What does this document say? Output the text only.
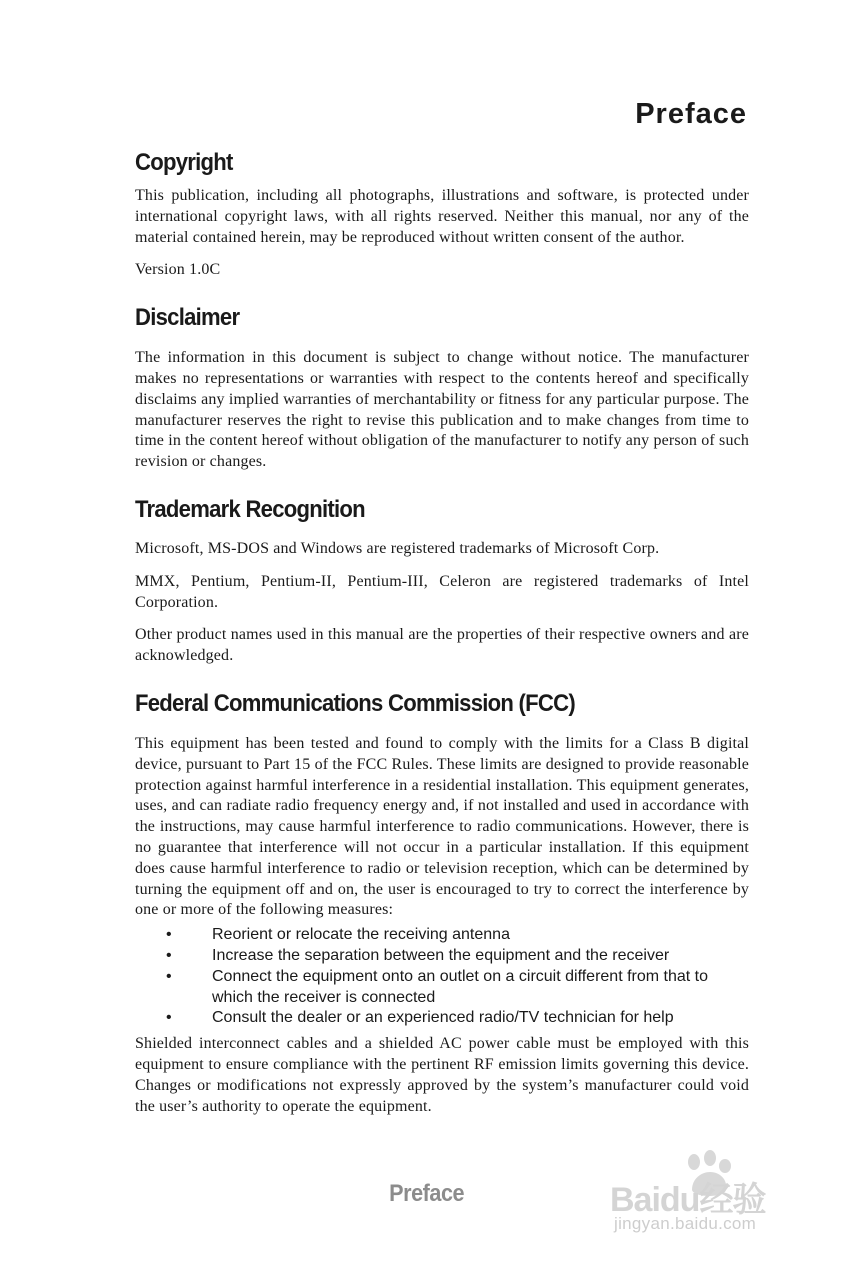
Preface
Copyright

This publication, including all photographs, illustrations and software, is protected under international copyright laws, with all rights reserved. Neither this manual, nor any of the material contained herein, may be reproduced without written consent of the author.

Version 1.0C

Disclaimer

The information in this document is subject to change without notice. The manufacturer makes no representations or warranties with respect to the contents hereof and specifically disclaims any implied warranties of merchantability or fitness for any particular purpose. The manufacturer reserves the right to revise this publication and to make changes from time to time in the content hereof without obligation of the manufacturer to notify any person of such revision or changes.

Trademark Recognition

Microsoft, MS-DOS and Windows are registered trademarks of Microsoft Corp.

MMX, Pentium, Pentium-II, Pentium-III, Celeron are registered trademarks of Intel Corporation.

Other product names used in this manual are the properties of their respective owners and are acknowledged.

Federal Communications Commission (FCC)

This equipment has been tested and found to comply with the limits for a Class B digital device, pursuant to Part 15 of the FCC Rules. These limits are designed to provide reasonable protection against harmful interference in a residential installation. This equipment generates, uses, and can radiate radio frequency energy and, if not installed and used in accordance with the instructions, may cause harmful interference to radio communications. However, there is no guarantee that interference will not occur in a particular installation. If this equipment does cause harmful interference to radio or television reception, which can be determined by turning the equipment off and on, the user is encouraged to try to correct the interference by one or more of the following measures:

•	Reorient or relocate the receiving antenna
•	Increase the separation between the equipment and the receiver
•	Connect the equipment onto an outlet on a circuit different from that to which the receiver is connected
•	Consult the dealer or an experienced radio/TV technician for help

Shielded interconnect cables and a shielded AC power cable must be employed with this equipment to ensure compliance with the pertinent RF emission limits governing this device. Changes or modifications not expressly approved by the system’s manufacturer could void the user’s authority to operate the equipment.

Preface	Baidu经验
jingyan.baidu.com
